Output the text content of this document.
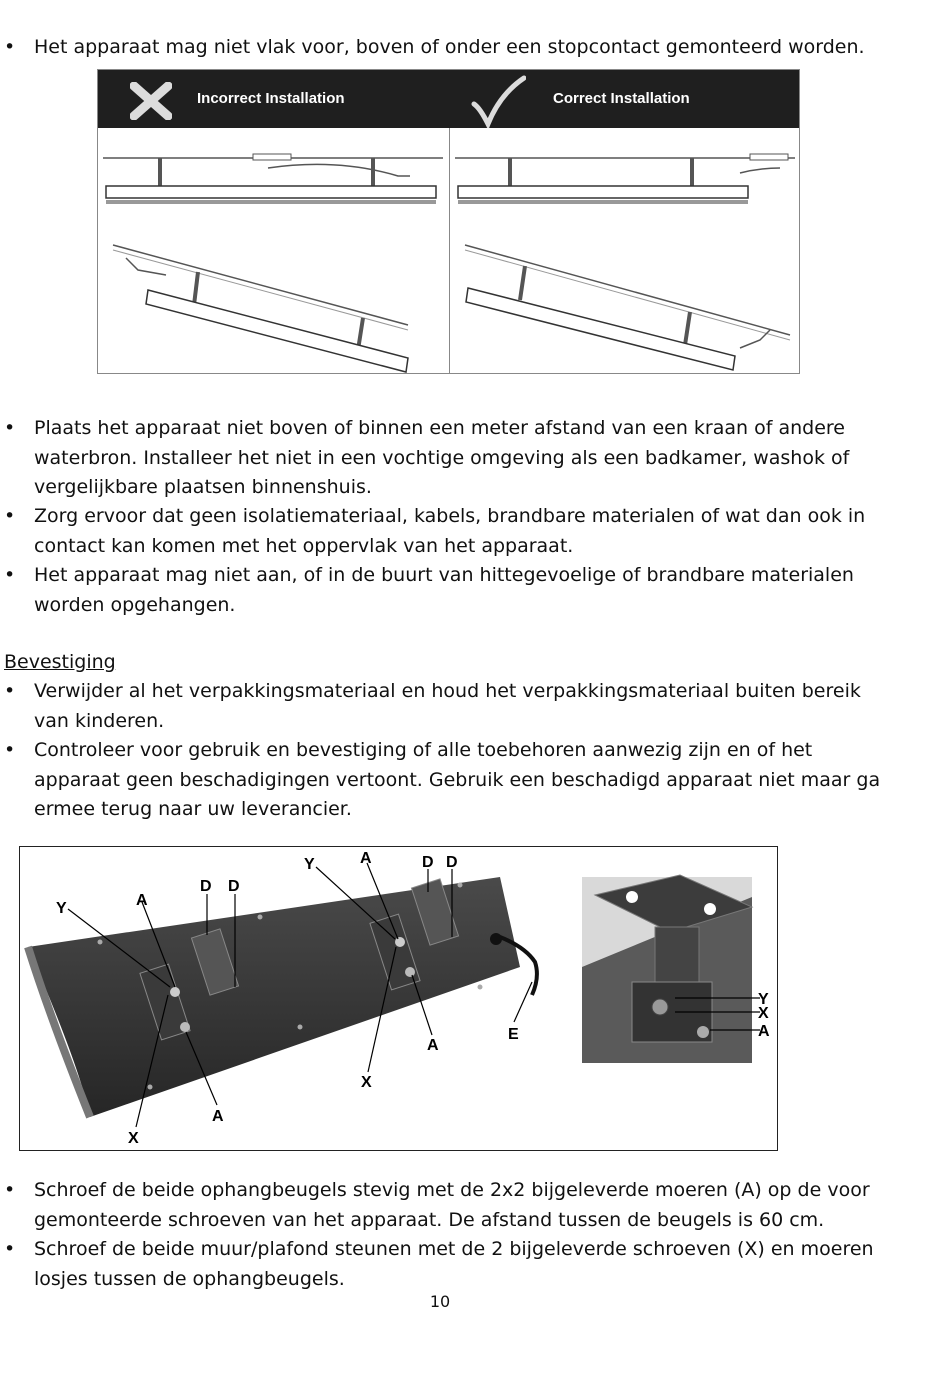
• Het apparaat mag niet vlak voor, boven of onder een stopcontact gemonteerd worden.
Incorrect Installation	Correct Installation
• Plaats het apparaat niet boven of binnen een meter afstand van een kraan of andere waterbron. Installeer het niet in een vochtige omgeving als een badkamer, washok of vergelijkbare plaatsen binnenshuis.
• Zorg ervoor dat geen isolatiemateriaal, kabels, brandbare materialen of wat dan ook in contact kan komen met het oppervlak van het apparaat.
• Het apparaat mag niet aan, of in de buurt van hittegevoelige of brandbare materialen worden opgehangen.
Bevestiging
• Verwijder al het verpakkingsmateriaal en houd het verpakkingsmateriaal buiten bereik van kinderen.
• Controleer voor gebruik en bevestiging of alle toebehoren aanwezig zijn en of het apparaat geen beschadigingen vertoont. Gebruik een beschadigd apparaat niet maar ga ermee terug naar uw leverancier.
Y	A
D D
X
A
Y	A	D D
X
A
E
Y
X
A
• Schroef de beide ophangbeugels stevig met de 2x2 bijgeleverde moeren (A) op de voor gemonteerde schroeven van het apparaat. De afstand tussen de beugels is 60 cm.
• Schroef de beide muur/plafond steunen met de 2 bijgeleverde schroeven (X) en moeren losjes tussen de ophangbeugels.
10
